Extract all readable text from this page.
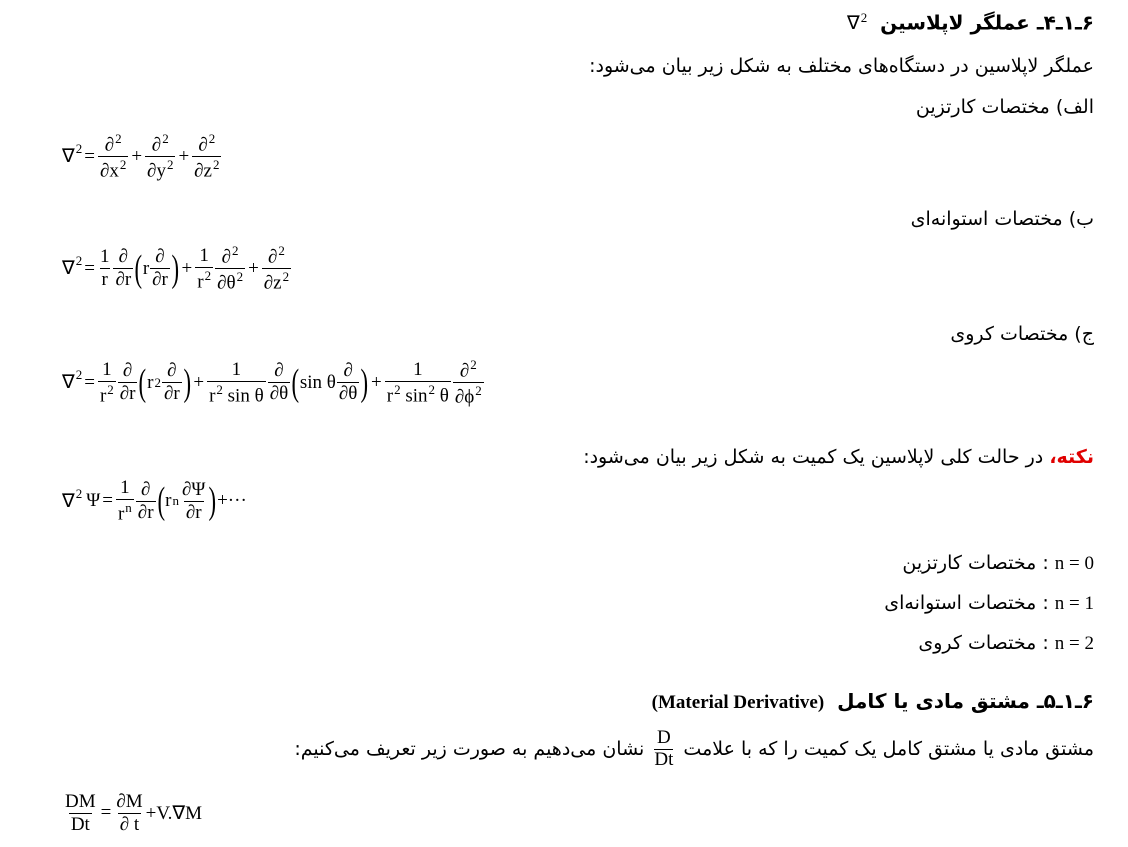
۶ـ۱ـ۴ـ عملگر لاپلاسین ∇$^2$
عملگر لاپلاسین در دستگاه‌های مختلف به شکل زیر بیان می‌شود:
الف) مختصات کارتزین
∇ $2 = \frac{\partial^2}{\partial x^2} + \frac{\partial^2}{\partial y^2} + \frac{\partial^2}{\partial z^2}$
ب) مختصات استوانه‌ای
∇ $2 = \frac{1}{r} \frac{\partial}{\partial r}$ ( r $\frac{\partial}{\partial r}$ ) + $\frac{1}{r^2} \frac{\partial^2}{\partial\theta^2} + \frac{\partial^2}{\partial z^2}$
ج) مختصات کروی
∇ $2 = \frac{1}{r^2} \frac{\partial}{\partial r}$ ( r $2 \frac{\partial}{\partial r}$ ) + $\frac{1}{r^2 \sin \theta} \frac{\partial}{\partial\theta}$ ( sin
θ $\frac{\partial}{\partial\theta}$ ) + $\frac{1}{r^2 \sin^2 \theta} \frac{\partial^2}{\partial\phi^2}$
نکته، در حالت کلی لاپلاسین یک کمیت به شکل زیر بیان می‌شود:
∇ 2 $\Psi = \frac{1}{r^n} \frac{\partial}{\partial r}$ ( r n $\frac{\partial\Psi}{\partial r}$ ) +···
n = 0 : مختصات کارتزین
n = 1 : مختصات استوانه‌ای
n = 2 : مختصات کروی
۶ـ۱ـ۵ـ مشتق مادی یا کامل (Material Derivative)
مشتق مادی یا مشتق کامل یک کمیت را که با علامت
$\frac{D}{Dt}$
نشان می‌دهیم به صورت زیر تعریف می‌کنیم:
$\frac{DM}{Dt} = \frac{\partial M}{\partial t} +V.\nabla M$
